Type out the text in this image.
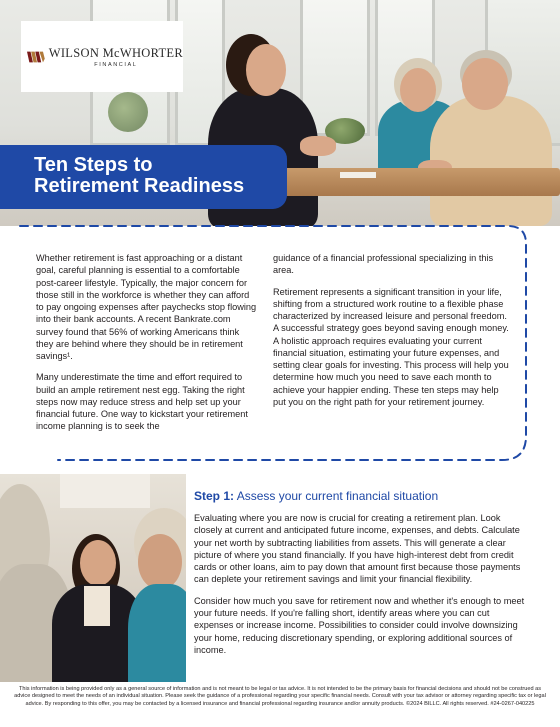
WILSON McWHORTER
FINANCIAL
Ten Steps to
Retirement Readiness

Whether retirement is fast approaching or a distant goal, careful planning is essential to a comfortable post-career lifestyle. Typically, the major concern for those still in the workforce is whether they can afford to pay ongoing expenses after paychecks stop flowing into their bank accounts. A recent Bankrate.com survey found that 56% of working Americans think they are behind where they should be in retirement savings¹.

Many underestimate the time and effort required to build an ample retirement nest egg. Taking the right steps now may reduce stress and help set up your financial future. One way to kickstart your retirement income planning is to seek the

guidance of a financial professional specializing in this area.

Retirement represents a significant transition in your life, shifting from a structured work routine to a flexible phase characterized by increased leisure and personal freedom. A successful strategy goes beyond saving enough money. A holistic approach requires evaluating your current financial situation, estimating your future expenses, and setting clear goals for investing. This process will help you determine how much you need to save each month to achieve your happier ending. These ten steps may help put you on the right path for your retirement journey.

Step 1: Assess your current financial situation

Evaluating where you are now is crucial for creating a retirement plan. Look closely at current and anticipated future income, expenses, and debts. Calculate your net worth by subtracting liabilities from assets. This will generate a clear picture of where you stand financially. If you have high-interest debt from credit cards or other loans, aim to pay down that amount first because those payments can deplete your retirement savings and limit your financial flexibility.

Consider how much you save for retirement now and whether it's enough to meet your future needs. If you're falling short, identify areas where you can cut expenses or increase income. Possibilities to consider could involve downsizing your home, reducing discretionary spending, or exploring additional sources of income.

This information is being provided only as a general source of information and is not meant to be legal or tax advice. It is not intended to be the primary basis for financial decisions and should not be construed as advice designed to meet the needs of an individual situation. Please seek the guidance of a professional regarding your specific financial needs. Consult with your tax advisor or attorney regarding specific tax or legal advice. By responding to this offer, you may be contacted by a licensed insurance and financial professional regarding insurance and/or annuity products. ©2024 BILLC. All rights reserved. #24-0267-040225
